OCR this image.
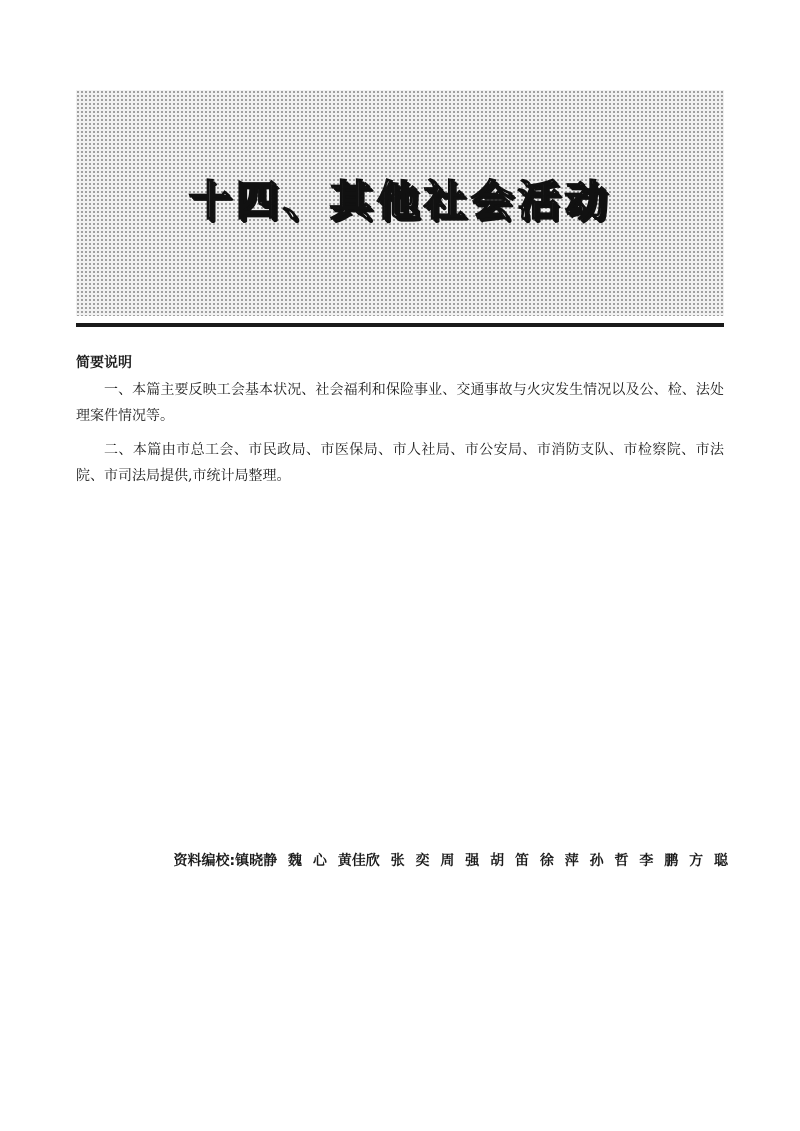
十四、其他社会活动
简要说明

一、本篇主要反映工会基本状况、社会福利和保险事业、交通事故与火灾发生情况以及公、检、法处理案件情况等。

二、本篇由市总工会、市民政局、市医保局、市人社局、市公安局、市消防支队、市检察院、市法院、市司法局提供,市统计局整理。

资料编校:镇晓静 魏 心 黄佳欣 张 奕 周 强 胡 笛 徐 萍 孙 哲 李 鹏 方 聪
